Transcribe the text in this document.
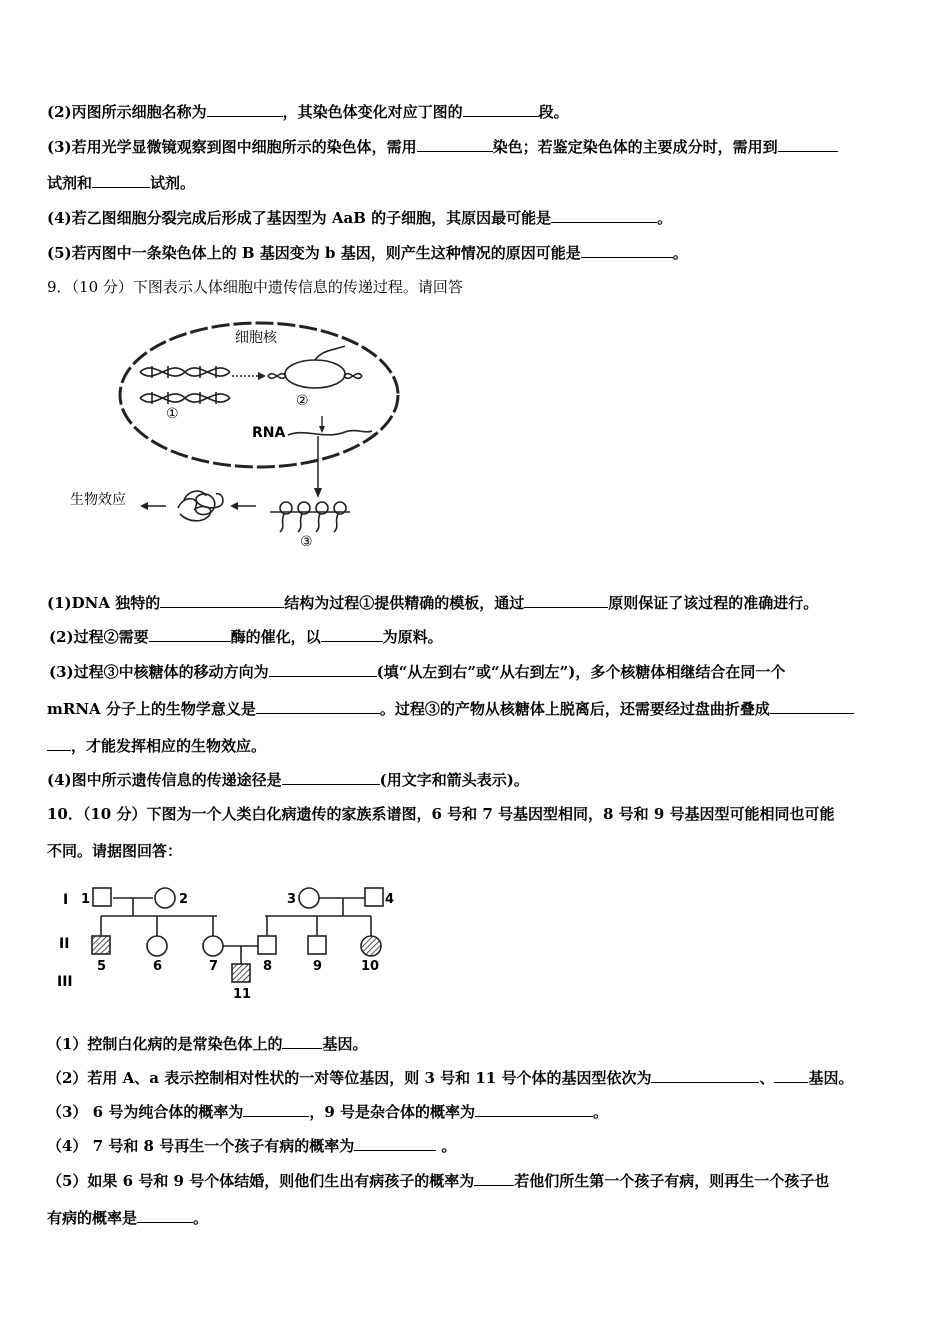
(2)丙图所示细胞名称为	，其染色体变化对应丁图的	段。
(3)若用光学显微镜观察到图中细胞所示的染色体，需用	染色；若鉴定染色体的主要成分时，需用到
试剂和	试剂。
(4)若乙图细胞分裂完成后形成了基因型为 AaB 的子细胞，其原因最可能是	。
(5)若丙图中一条染色体上的 B 基因变为 b 基因，则产生这种情况的原因可能是	。
9．（10 分）下图表示人体细胞中遗传信息的传递过程。请回答
细胞核
①
②
RNA
③
生物效应
(1)DNA 独特的	结构为过程①提供精确的模板，通过	原则保证了该过程的准确进行。
(2)过程②需要	酶的催化，以	为原料。
(3)过程③中核糖体的移动方向为	(填“从左到右”或“从右到左”)，多个核糖体相继结合在同一个
mRNA 分子上的生物学意义是	。过程③的产物从核糖体上脱离后，还需要经过盘曲折叠成
，才能发挥相应的生物效应。
(4)图中所示遗传信息的传递途径是	(用文字和箭头表示)。
10．（10 分）下图为一个人类白化病遗传的家族系谱图，6 号和 7 号基因型相同，8 号和 9 号基因型可能相同也可能
不同。请据图回答：
I
II
III
1	2	3	4
5	6	7	8	9	10
11
（1）控制白化病的是常染色体上的	基因。
（2）若用 A、a 表示控制相对性状的一对等位基因，则 3 号和 11 号个体的基因型依次为	、 基因。
（3） 6 号为纯合体的概率为	，9 号是杂合体的概率为	。
（4） 7 号和 8 号再生一个孩子有病的概率为	。
（5）如果 6 号和 9 号个体结婚，则他们生出有病孩子的概率为	若他们所生第一个孩子有病，则再生一个孩子也
有病的概率是	。
